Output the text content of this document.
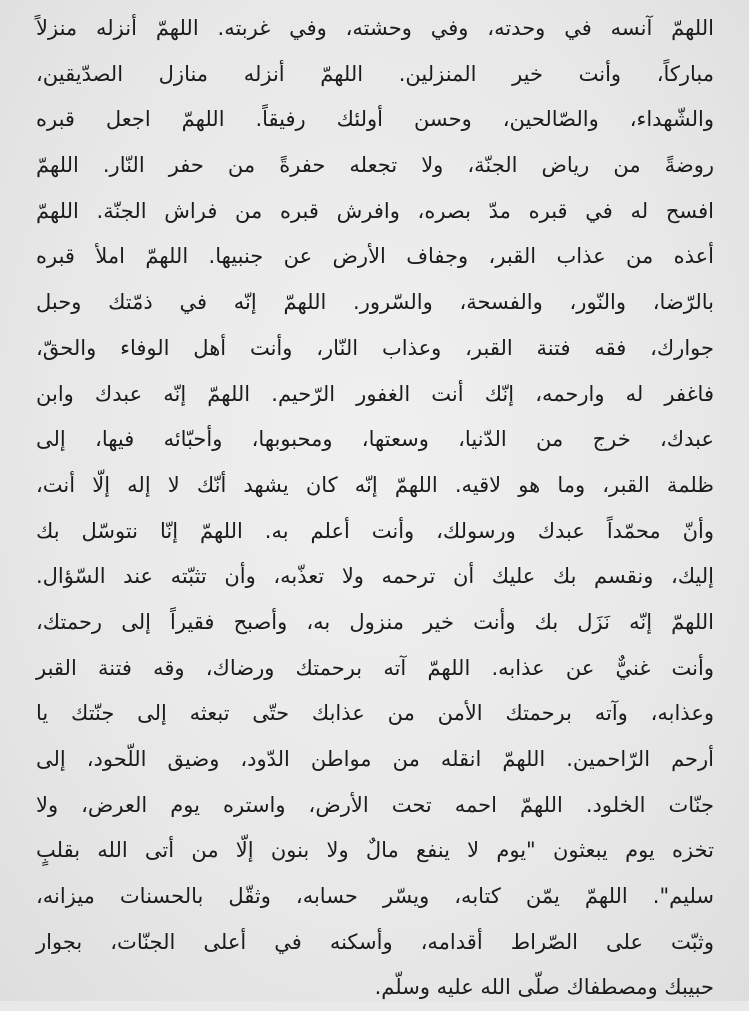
اللهمّ آنسه في وحدته، وفي وحشته، وفي غربته. اللهمّ أنزله منزلاً
مباركاً، وأنت خير المنزلين. اللهمّ أنزله منازل الصدّيقين،
والشّهداء، والصّالحين، وحسن أولئك رفيقاً. اللهمّ اجعل قبره
روضةً من رياض الجنّة، ولا تجعله حفرةً من حفر النّار. اللهمّ
افسح له في قبره مدّ بصره، وافرش قبره من فراش الجنّة. اللهمّ
أعذه من عذاب القبر، وجفاف الأرض عن جنبيها. اللهمّ املأ قبره
بالرّضا، والنّور، والفسحة، والسّرور. اللهمّ إنّه في ذمّتك وحبل
جوارك، فقه فتنة القبر، وعذاب النّار، وأنت أهل الوفاء والحقّ،
فاغفر له وارحمه، إنّك أنت الغفور الرّحيم. اللهمّ إنّه عبدك وابن
عبدك، خرج من الدّنيا، وسعتها، ومحبوبها، وأحبّائه فيها، إلى
ظلمة القبر، وما هو لاقيه. اللهمّ إنّه كان يشهد أنّك لا إله إلّا أنت،
وأنّ محمّداً عبدك ورسولك، وأنت أعلم به. اللهمّ إنّا نتوسّل بك
إليك، ونقسم بك عليك أن ترحمه ولا تعذّبه، وأن تثبّته عند السّؤال.
اللهمّ إنّه نَزَل بك وأنت خير منزول به، وأصبح فقيراً إلى رحمتك،
وأنت غنيٌّ عن عذابه. اللهمّ آته برحمتك ورضاك، وقه فتنة القبر
وعذابه، وآته برحمتك الأمن من عذابك حتّى تبعثه إلى جنّتك يا
أرحم الرّاحمين. اللهمّ انقله من مواطن الدّود، وضيق اللّحود، إلى
جنّات الخلود. اللهمّ احمه تحت الأرض، واستره يوم العرض، ولا
تخزه يوم يبعثون "يوم لا ينفع مالٌ ولا بنون إلّا من أتى الله بقلبٍ
سليم". اللهمّ يمّن كتابه، ويسّر حسابه، وثقّل بالحسنات ميزانه،
وثبّت على الصّراط أقدامه، وأسكنه في أعلى الجنّات، بجوار
حبيبك ومصطفاك صلّى الله عليه وسلّم.
